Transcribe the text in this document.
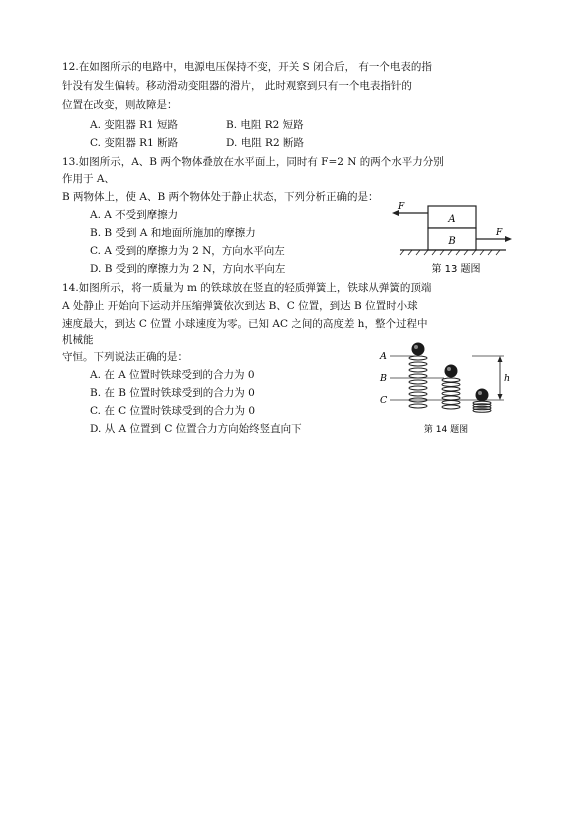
12.在如图所示的电路中，电源电压保持不变，开关 S 闭合后， 有一个电表的指
针没有发生偏转。移动滑动变阻器的滑片， 此时观察到只有一个电表指针的
位置在改变，则故障是：
A. 变阻器 R1 短路	B. 电阻 R2 短路
C. 变阻器 R1 断路	D. 电阻 R2 断路
13.如图所示，A、B 两个物体叠放在水平面上，同时有 F=2 N 的两个水平力分别
作用于 A、
B 两物体上，使 A、B 两个物体处于静止状态，下列分析正确的是：
A. A 不受到摩擦力
B. B 受到 A 和地面所施加的摩擦力
C. A 受到的摩擦力为 2 N，方向水平向左
D. B 受到的摩擦力为 2 N，方向水平向左
A
B
F
F
第 13 题图
14.如图所示，将一质量为 m 的铁球放在竖直的轻质弹簧上，铁球从弹簧的顶端
A 处静止 开始向下运动并压缩弹簧依次到达 B、C 位置，到达 B 位置时小球
速度最大，到达 C 位置 小球速度为零。已知 AC 之间的高度差 h，整个过程中
机械能
守恒。下列说法正确的是：
A. 在 A 位置时铁球受到的合力为 0
B. 在 B 位置时铁球受到的合力为 0
C. 在 C 位置时铁球受到的合力为 0
D. 从 A 位置到 C 位置合力方向始终竖直向下
A
B
C
h
第 14 题图
